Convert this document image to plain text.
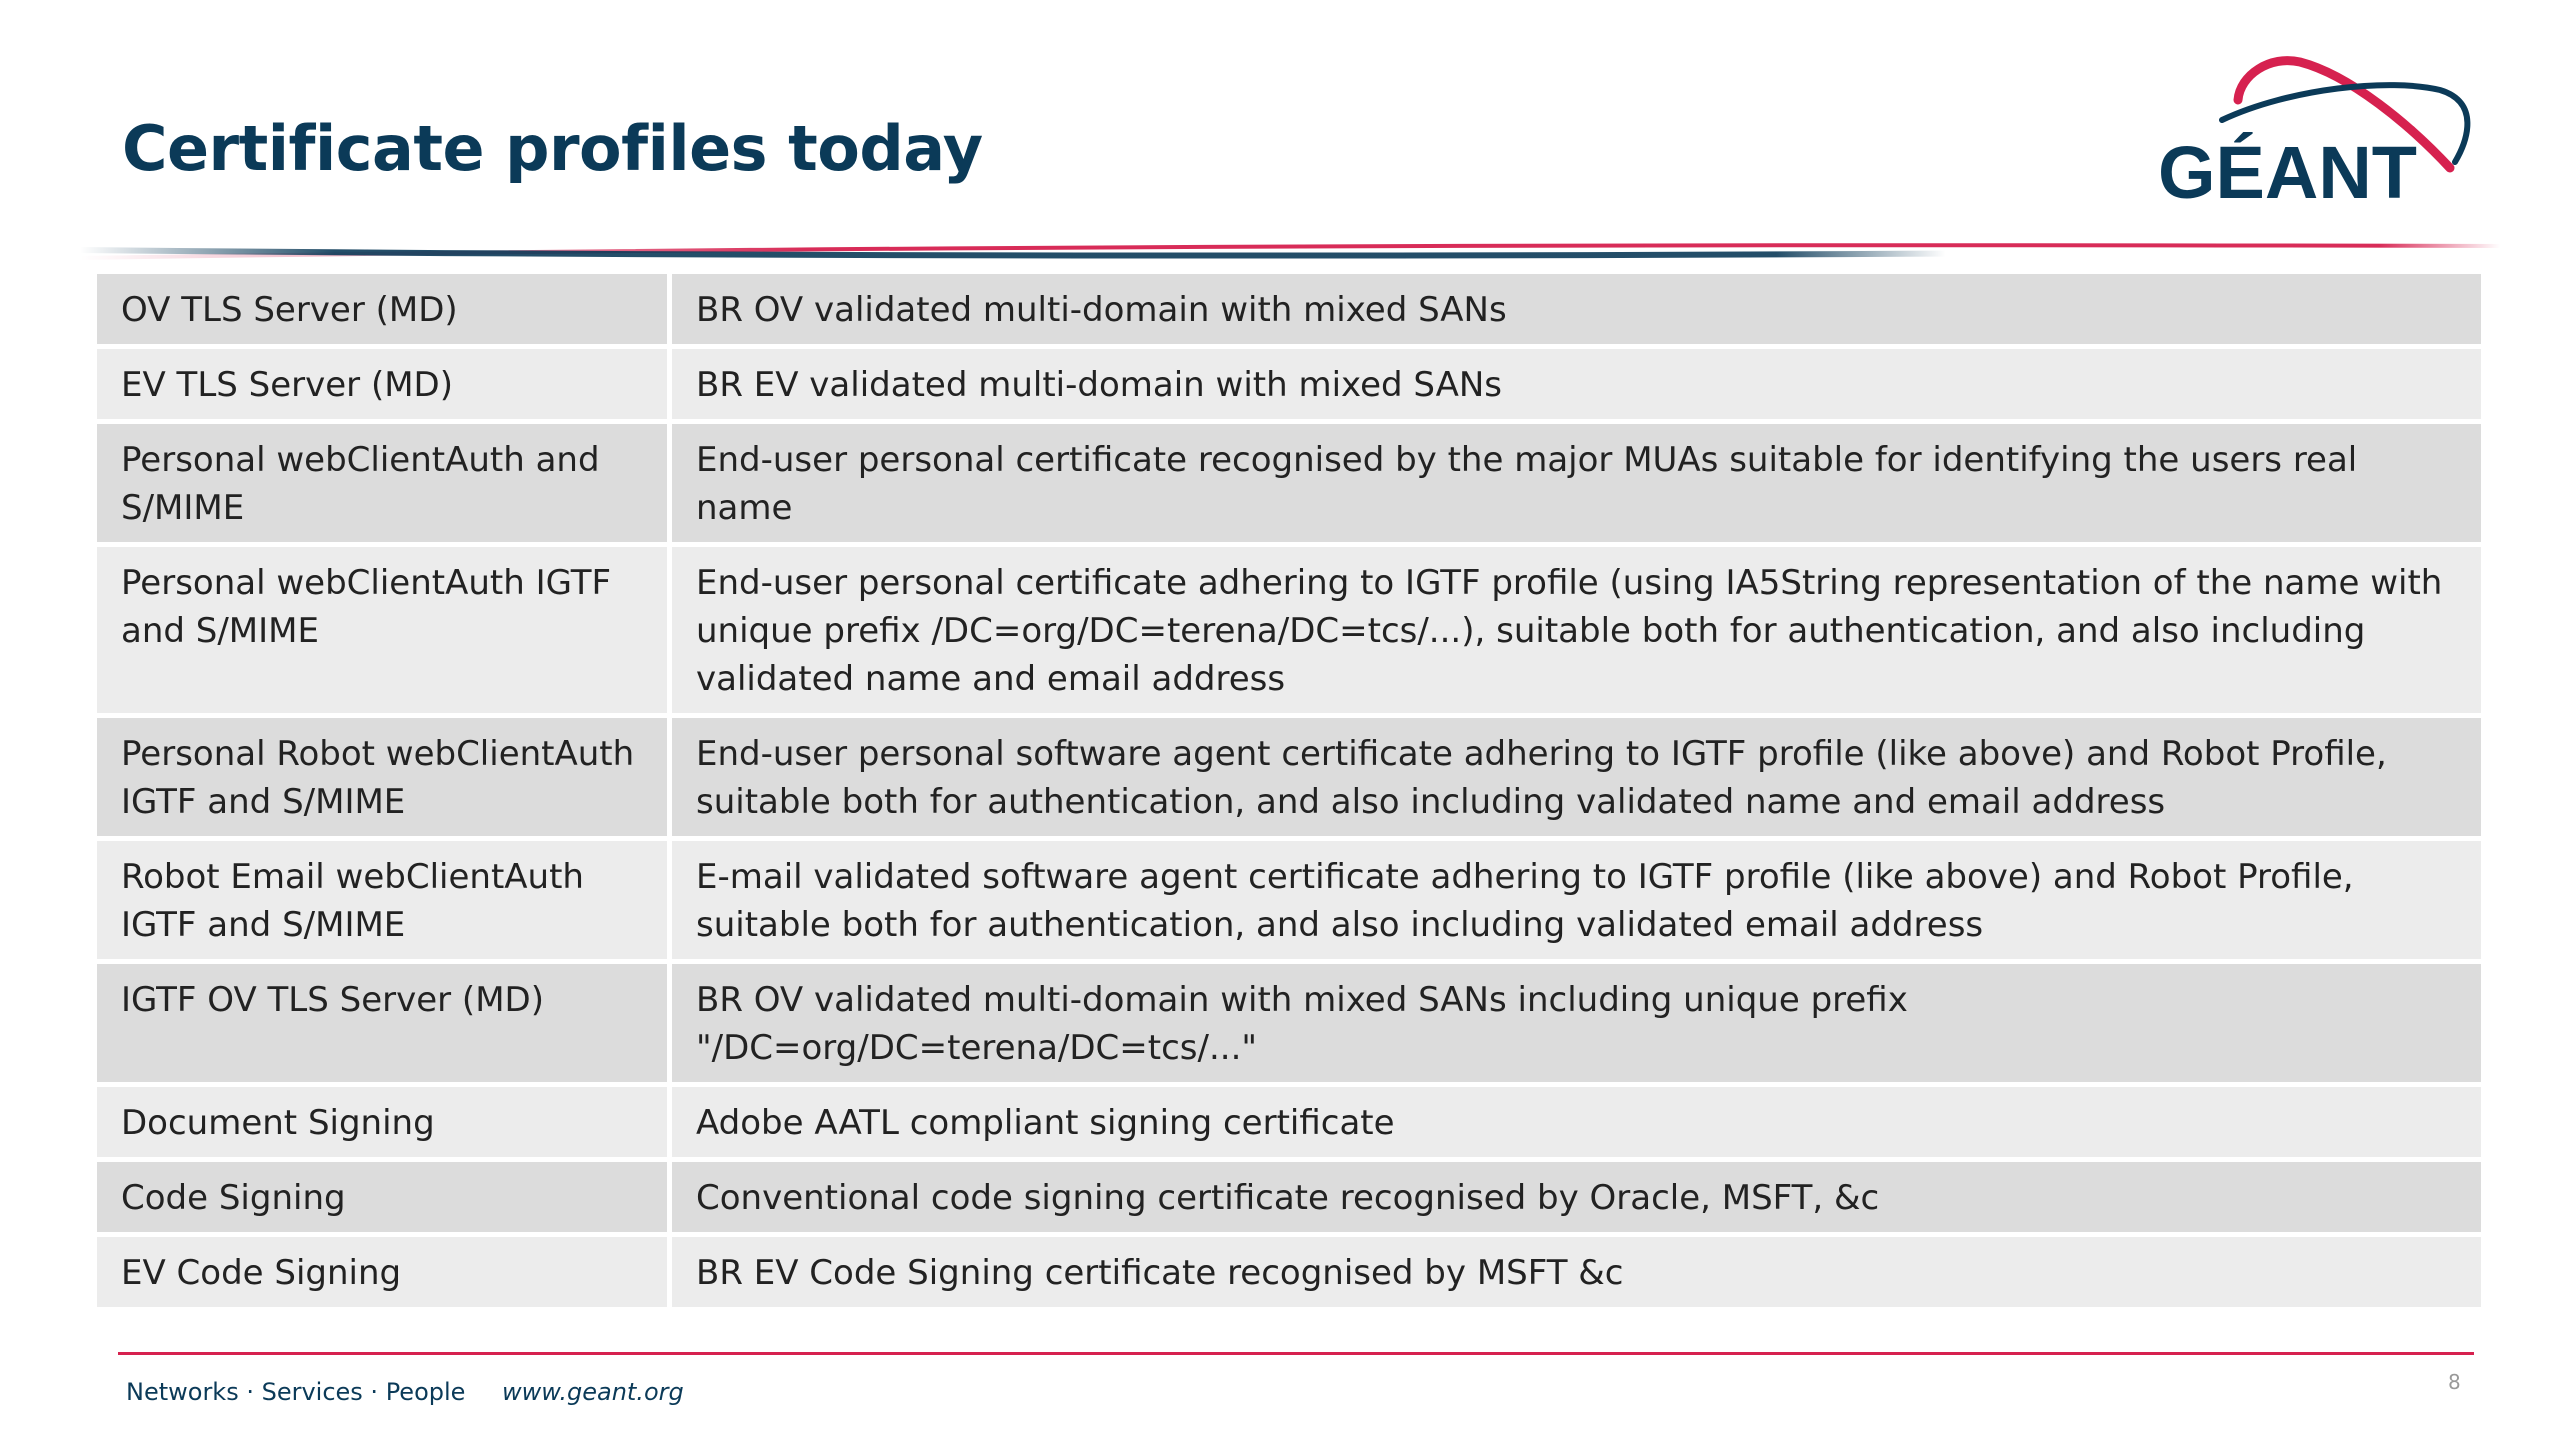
Certificate profiles today	GÉANT
OV TLS Server (MD)	BR OV validated multi-domain with mixed SANs
EV TLS Server (MD)	BR EV validated multi-domain with mixed SANs
Personal webClientAuth and S/MIME	End-user personal certificate recognised by the major MUAs suitable for identifying the users real name
Personal webClientAuth IGTF and S/MIME	End-user personal certificate adhering to IGTF profile (using IA5String representation of the name with unique prefix /DC=org/DC=terena/DC=tcs/...), suitable both for authentication, and also including validated name and email address
Personal Robot webClientAuth IGTF and S/MIME	End-user personal software agent certificate adhering to IGTF profile (like above) and Robot Profile, suitable both for authentication, and also including validated name and email address
Robot Email webClientAuth IGTF and S/MIME	E-mail validated software agent certificate adhering to IGTF profile (like above) and Robot Profile, suitable both for authentication, and also including validated email address
IGTF OV TLS Server (MD)	BR OV validated multi-domain with mixed SANs including unique prefix "/DC=org/DC=terena/DC=tcs/..."
Document Signing	Adobe AATL compliant signing certificate
Code Signing	Conventional code signing certificate recognised by Oracle, MSFT, &c
EV Code Signing	BR EV Code Signing certificate recognised by MSFT &c
Networks · Services · People www.geant.org	8
